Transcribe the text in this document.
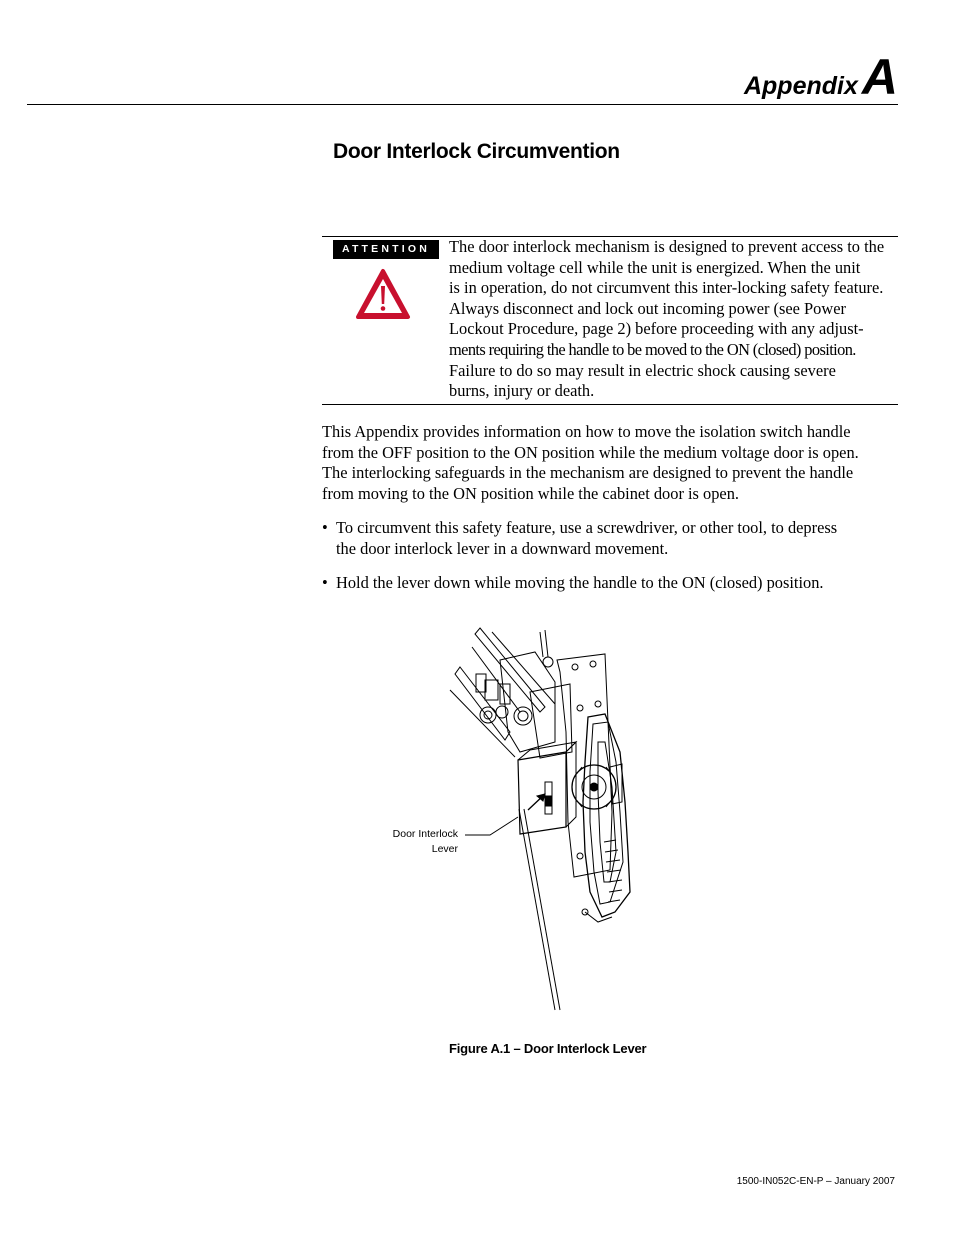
Appendix A
Door Interlock Circumvention
ATTENTION	The door interlock mechanism is designed to prevent access to the
medium voltage cell while the unit is energized. When the unit
is in operation, do not circumvent this inter-locking safety feature.
Always disconnect and lock out incoming power (see Power
Lockout Procedure, page 2) before proceeding with any adjust-
ments requiring the handle to be moved to the ON (closed) position.
Failure to do so may result in electric shock causing severe
burns, injury or death.
This Appendix provides information on how to move the isolation switch handle
from the OFF position to the ON position while the medium voltage door is open.
The interlocking safeguards in the mechanism are designed to prevent the handle
from moving to the ON position while the cabinet door is open.
• To circumvent this safety feature, use a screwdriver, or other tool, to depress
the door interlock lever in a downward movement.
• Hold the lever down while moving the handle to the ON (closed) position.
Door Interlock
Lever
Figure A.1 – Door Interlock Lever
1500-IN052C-EN-P – January 2007
